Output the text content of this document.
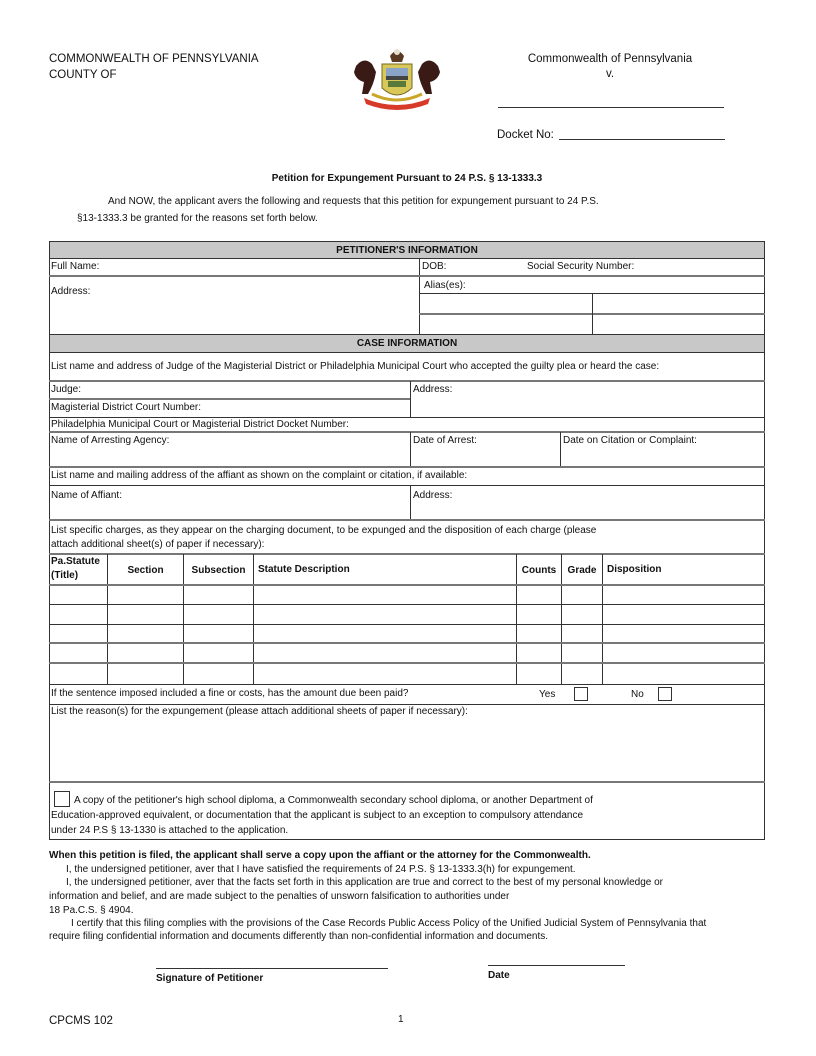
COMMONWEALTH OF PENNSYLVANIA
COUNTY OF
Commonwealth of Pennsylvania
v.
Docket No:
Petition for Expungement Pursuant to 24 P.S. § 13-1333.3
And NOW, the applicant avers the following and requests that this petition for expungement pursuant to 24 P.S.
§13-1333.3 be granted for the reasons set forth below.
PETITIONER'S INFORMATION
Full Name:	DOB:	Social Security Number:
Address:
Alias(es):
CASE INFORMATION
List name and address of Judge of the Magisterial District or Philadelphia Municipal Court who accepted the guilty plea or heard the case:
Judge:	Address:
Magisterial District Court Number:
Philadelphia Municipal Court or Magisterial District Docket Number:
Name of Arresting Agency:	Date of Arrest:	Date on Citation or Complaint:
List name and mailing address of the affiant as shown on the complaint or citation, if available:
Name of Affiant:	Address:
List specific charges, as they appear on the charging document, to be expunged and the disposition of each charge (please
attach additional sheet(s) of paper if necessary):
Pa.Statute
(Title)	Section	Subsection	Statute Description	Counts	Grade	Disposition
If the sentence imposed included a fine or costs, has the amount due been paid?	Yes	No
List the reason(s) for the expungement (please attach additional sheets of paper if necessary):
A copy of the petitioner's high school diploma, a Commonwealth secondary school diploma, or another Department of
Education-approved equivalent, or documentation that the applicant is subject to an exception to compulsory attendance
under 24 P.S § 13-1330 is attached to the application.
When this petition is filed, the applicant shall serve a copy upon the affiant or the attorney for the Commonwealth.
I, the undersigned petitioner, aver that I have satisfied the requirements of 24 P.S. § 13-1333.3(h) for expungement.
I, the undersigned petitioner, aver that the facts set forth in this application are true and correct to the best of my personal knowledge or
information and belief, and are made subject to the penalties of unsworn falsification to authorities under
18 Pa.C.S. § 4904.
I certify that this filing complies with the provisions of the Case Records Public Access Policy of the Unified Judicial System of Pennsylvania that
require filing confidential information and documents differently than non-confidential information and documents.
Signature of Petitioner	Date
CPCMS 102	1
